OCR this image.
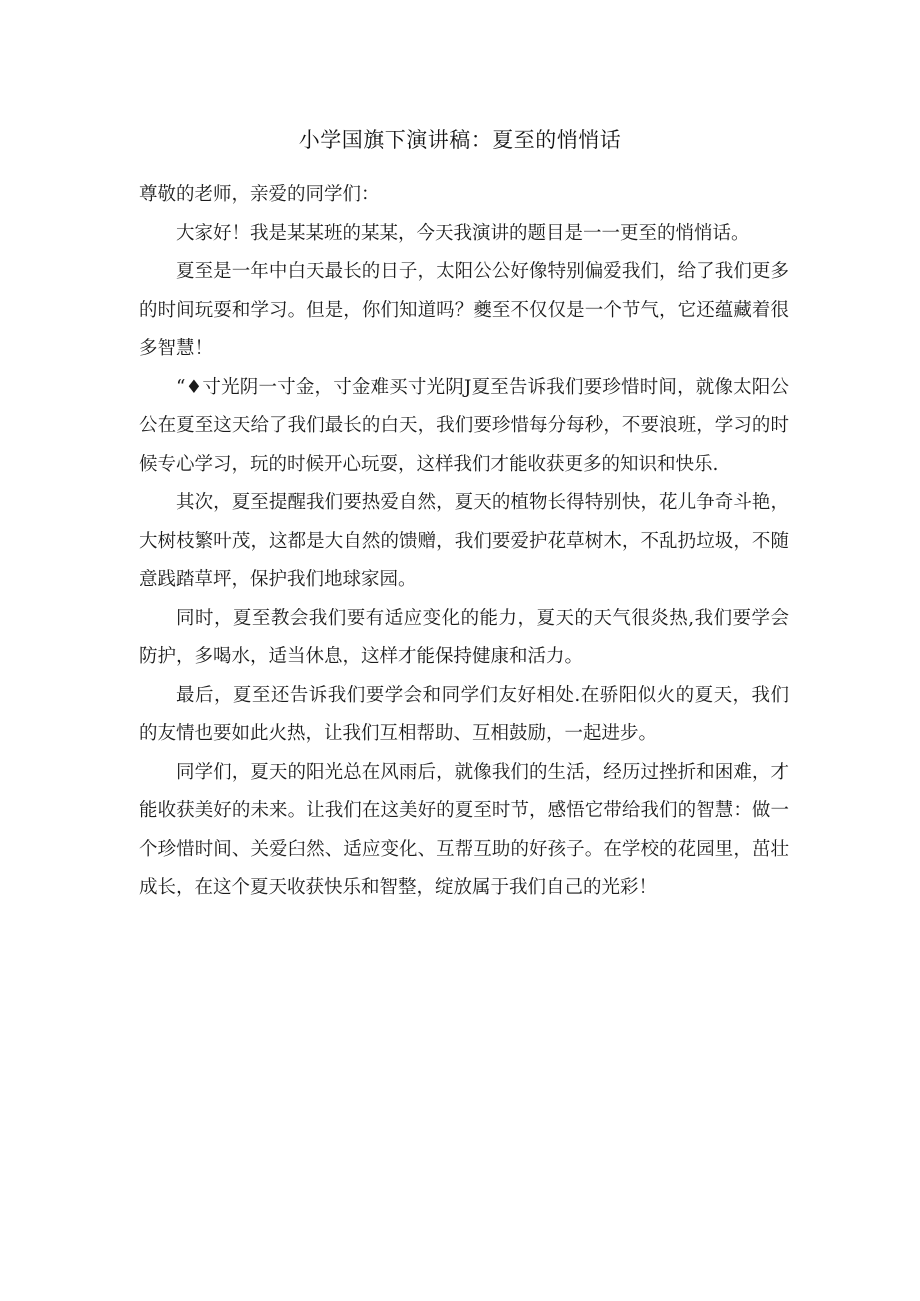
小学国旗下演讲稿：夏至的悄悄话

尊敬的老师，亲爱的同学们：

大家好！我是某某班的某某，今天我演讲的题目是一一更至的悄悄话。

夏至是一年中白天最长的日子，太阳公公好像特别偏爱我们，给了我们更多的时间玩耍和学习。但是，你们知道吗？夔至不仅仅是一个节气，它还蕴藏着很多智慧！

“♦寸光阴一寸金，寸金难买寸光阴J夏至告诉我们要珍惜时间，就像太阳公公在夏至这天给了我们最长的白天，我们要珍惜每分每秒，不要浪班，学习的时候专心学习，玩的时候开心玩耍，这样我们才能收获更多的知识和快乐.

其次，夏至提醒我们要热爱自然，夏天的植物长得特别快，花儿争奇斗艳，大树枝繁叶茂，这都是大自然的馈赠，我们要爱护花草树木，不乱扔垃圾，不随意践踏草坪，保护我们地球家园。

同时，夏至教会我们要有适应变化的能力，夏天的天气很炎热,我们要学会防护，多喝水，适当休息，这样才能保持健康和活力。

最后，夏至还告诉我们要学会和同学们友好相处.在骄阳似火的夏天，我们的友情也要如此火热，让我们互相帮助、互相鼓励，一起进步。

同学们，夏天的阳光总在风雨后，就像我们的生活，经历过挫折和困难，才能收获美好的未来。让我们在这美好的夏至时节，感悟它带给我们的智慧：做一个珍惜时间、关爱臼然、适应变化、互帮互助的好孩子。在学校的花园里，茁壮成长，在这个夏天收获快乐和智整，绽放属于我们自己的光彩！
